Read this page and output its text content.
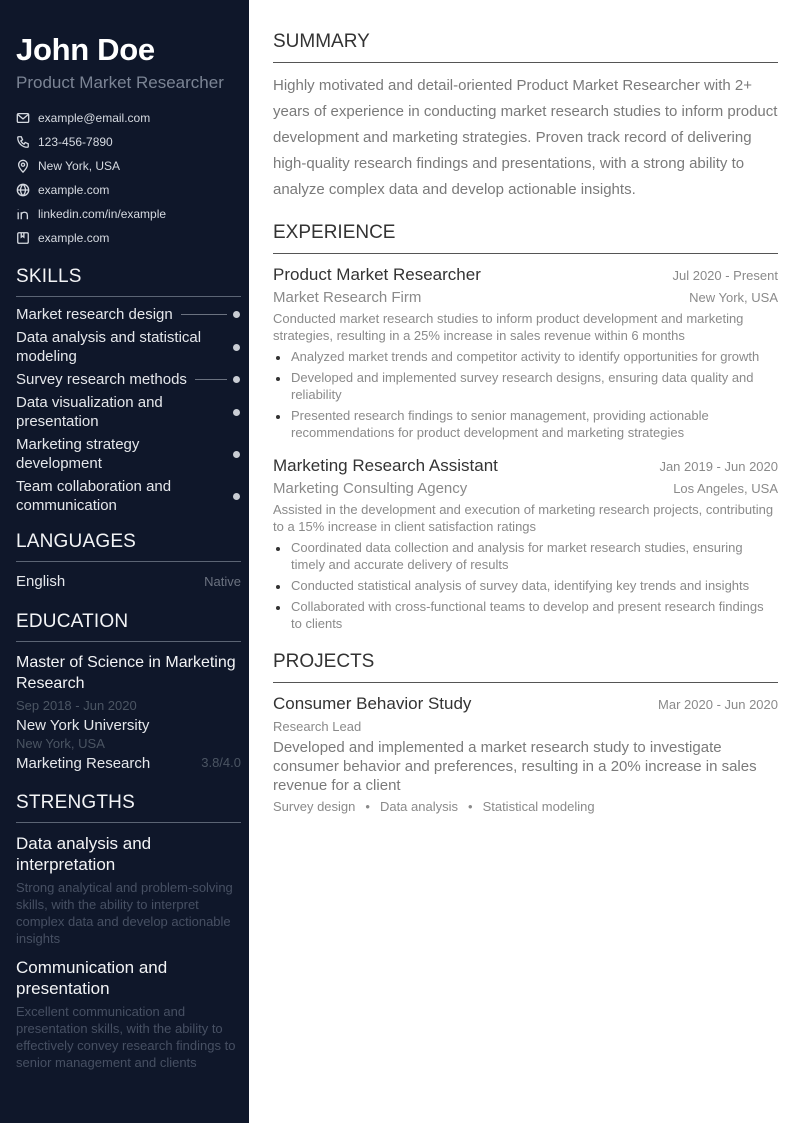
John Doe
Product Market Researcher
example@email.com
123-456-7890
New York, USA
example.com
linkedin.com/in/example
example.com
SKILLS
Market research design
Data analysis and statistical modeling
Survey research methods
Data visualization and presentation
Marketing strategy development
Team collaboration and communication
LANGUAGES
English	Native
EDUCATION
Master of Science in Marketing Research
Sep 2018 - Jun 2020
New York University
New York, USA
Marketing Research	3.8/4.0
STRENGTHS
Data analysis and interpretation
Strong analytical and problem-solving skills, with the ability to interpret complex data and develop actionable insights
Communication and presentation
Excellent communication and presentation skills, with the ability to effectively convey research findings to senior management and clients
SUMMARY

Highly motivated and detail-oriented Product Market Researcher with 2+ years of experience in conducting market research studies to inform product development and marketing strategies. Proven track record of delivering high-quality research findings and presentations, with a strong ability to analyze complex data and develop actionable insights.

EXPERIENCE
Product Market Researcher	Jul 2020 - Present
Market Research Firm	New York, USA
Conducted market research studies to inform product development and marketing strategies, resulting in a 25% increase in sales revenue within 6 months
Analyzed market trends and competitor activity to identify opportunities for growth
Developed and implemented survey research designs, ensuring data quality and reliability
Presented research findings to senior management, providing actionable recommendations for product development and marketing strategies
Marketing Research Assistant	Jan 2019 - Jun 2020
Marketing Consulting Agency	Los Angeles, USA
Assisted in the development and execution of marketing research projects, contributing to a 15% increase in client satisfaction ratings
Coordinated data collection and analysis for market research studies, ensuring timely and accurate delivery of results
Conducted statistical analysis of survey data, identifying key trends and insights
Collaborated with cross-functional teams to develop and present research findings to clients
PROJECTS
Consumer Behavior Study	Mar 2020 - Jun 2020
Research Lead
Developed and implemented a market research study to investigate consumer behavior and preferences, resulting in a 20% increase in sales revenue for a client
Survey design • Data analysis • Statistical modeling
